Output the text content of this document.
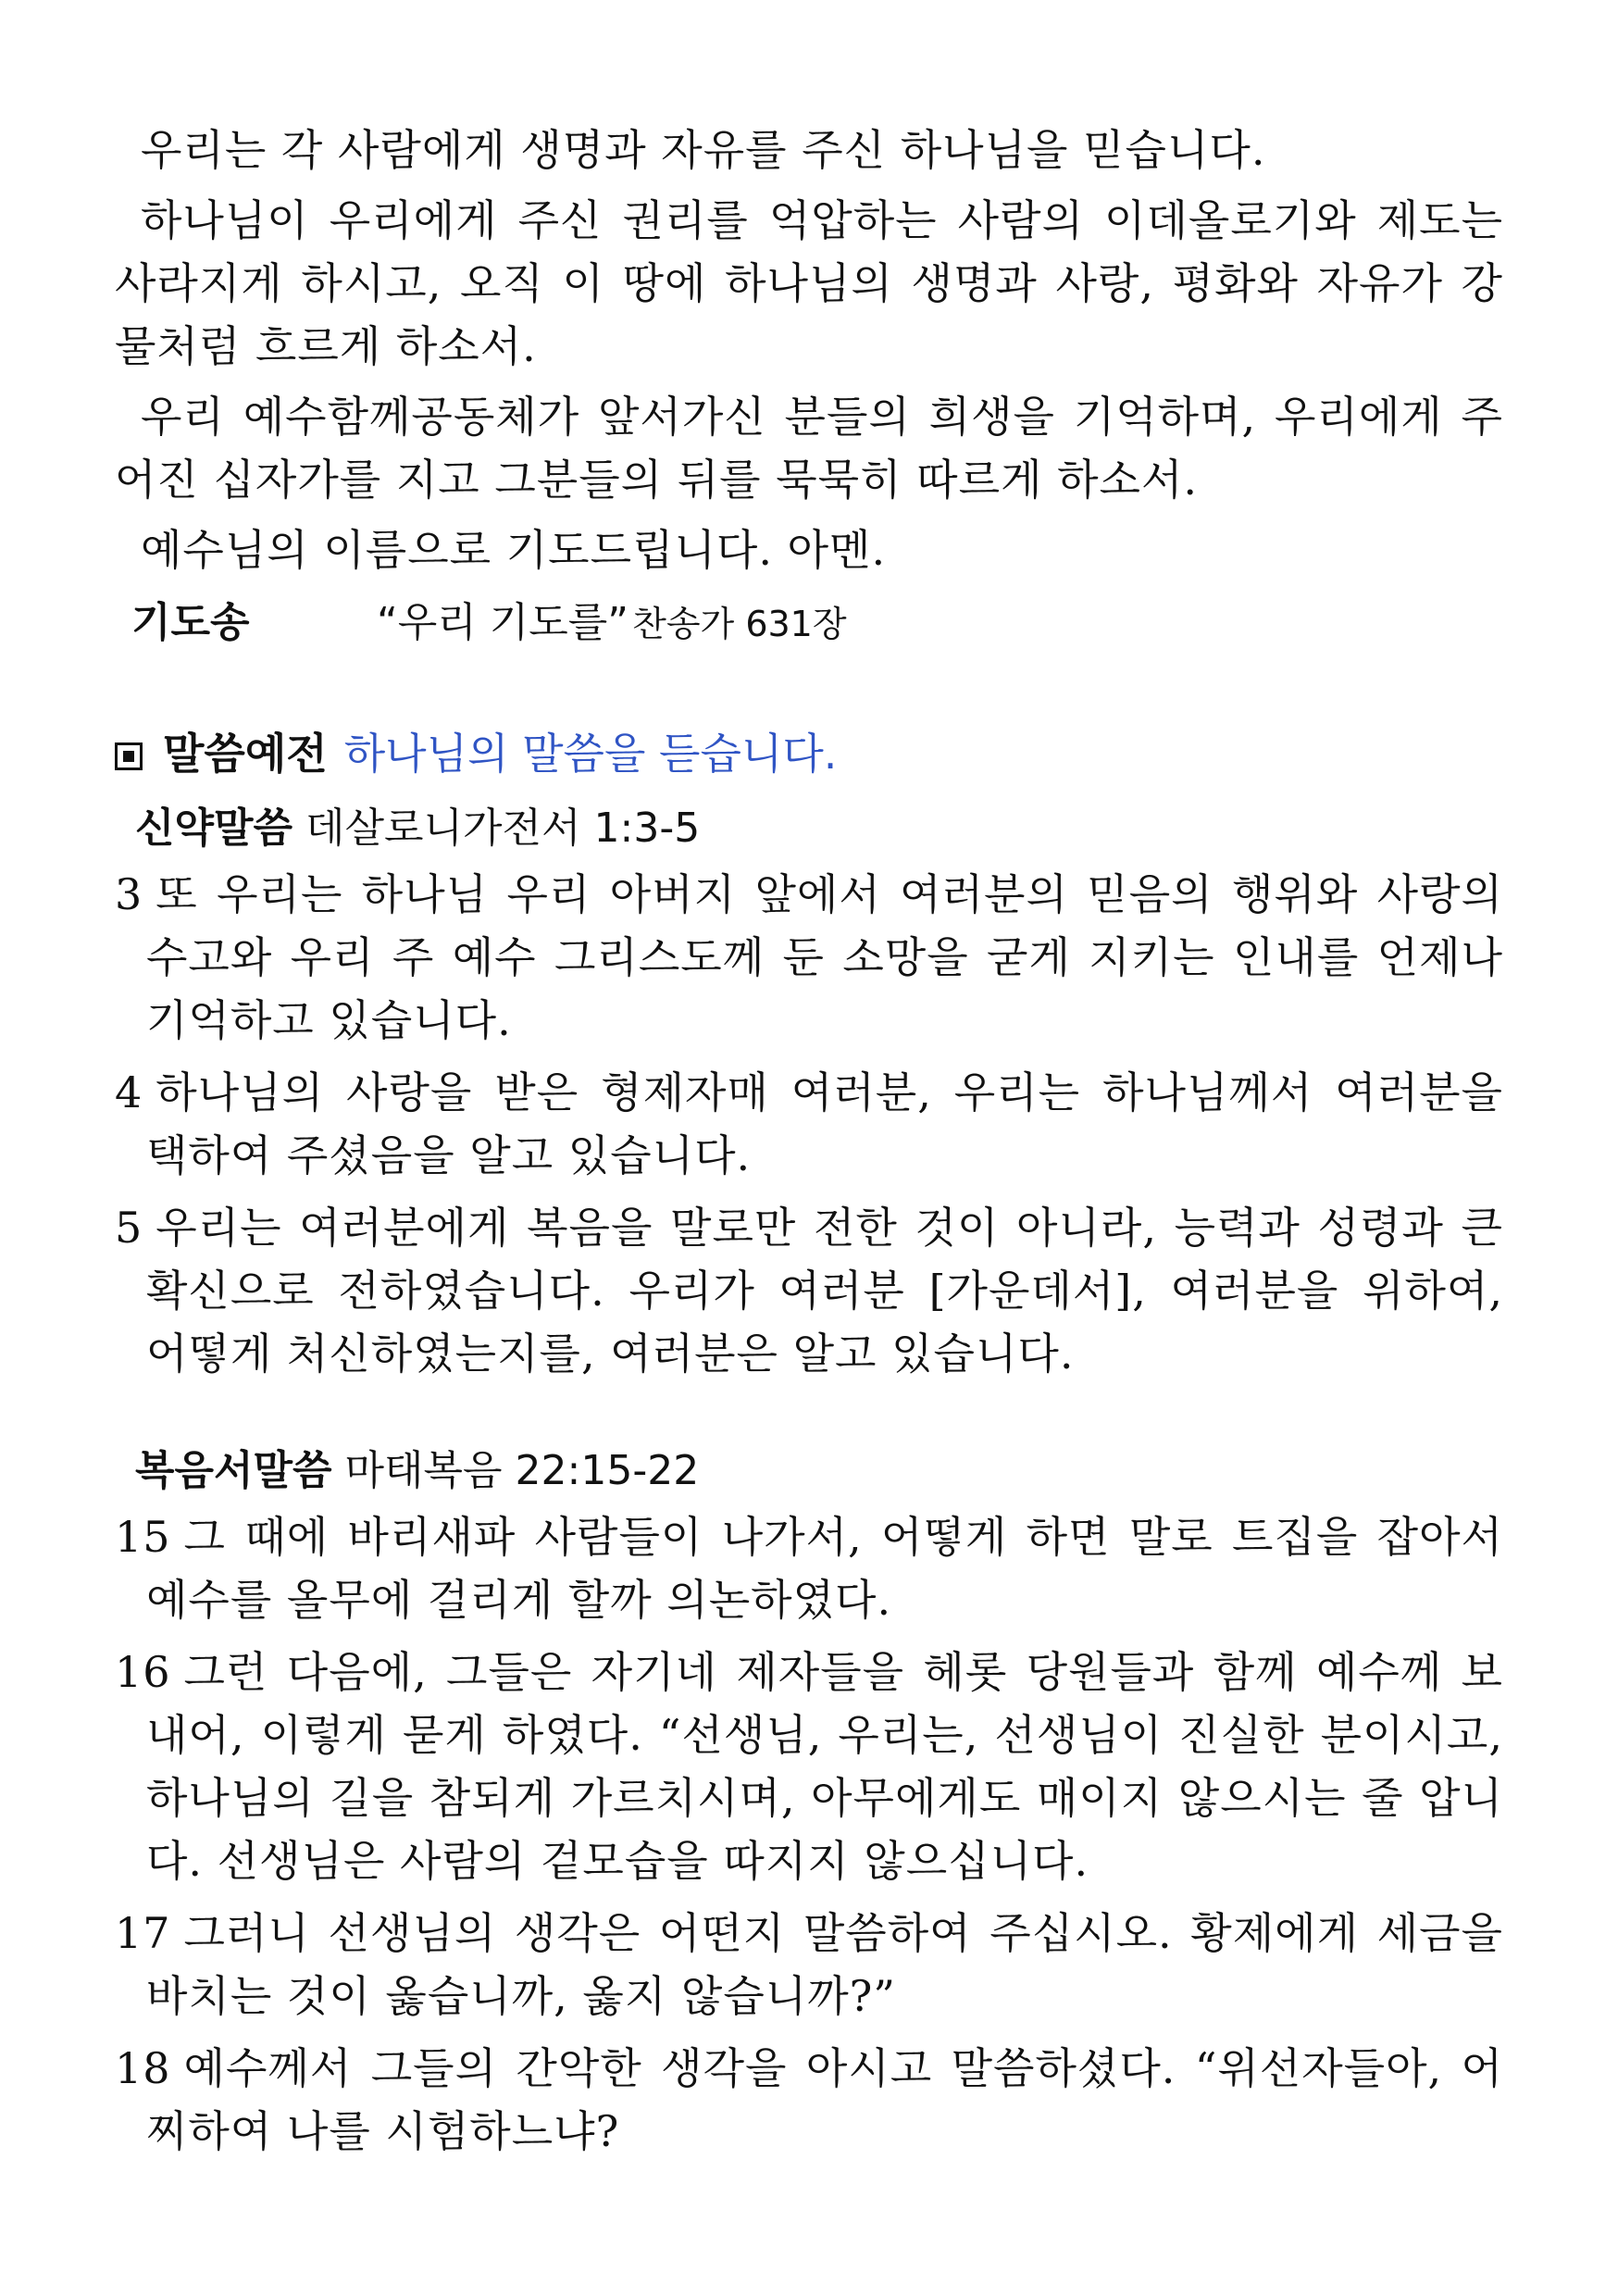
우리는 각 사람에게 생명과 자유를 주신 하나님을 믿습니다.

하나님이 우리에게 주신 권리를 억압하는 사람의 이데올로기와 제도는 사라지게 하시고, 오직 이 땅에 하나님의 생명과 사랑, 평화와 자유가 강물처럼 흐르게 하소서.

우리 예수함께공동체가 앞서가신 분들의 희생을 기억하며, 우리에게 주어진 십자가를 지고 그분들의 뒤를 묵묵히 따르게 하소서.

예수님의 이름으로 기도드립니다. 아멘.

기도송	“우리 기도를” 찬송가 631장
말씀예전 하나님의 말씀을 듣습니다.
신약말씀 데살로니가전서 1:3-5

3 또 우리는 하나님 우리 아버지 앞에서 여러분의 믿음의 행위와 사랑의 수고와 우리 주 예수 그리스도께 둔 소망을 굳게 지키는 인내를 언제나 기억하고 있습니다.

4 하나님의 사랑을 받은 형제자매 여러분, 우리는 하나님께서 여러분을 택하여 주셨음을 알고 있습니다.

5 우리는 여러분에게 복음을 말로만 전한 것이 아니라, 능력과 성령과 큰 확신으로 전하였습니다. 우리가 여러분 [가운데서], 여러분을 위하여, 어떻게 처신하였는지를, 여러분은 알고 있습니다.

복음서말씀 마태복음 22:15-22

15 그 때에 바리새파 사람들이 나가서, 어떻게 하면 말로 트집을 잡아서 예수를 올무에 걸리게 할까 의논하였다.

16 그런 다음에, 그들은 자기네 제자들을 헤롯 당원들과 함께 예수께 보내어, 이렇게 묻게 하였다. “선생님, 우리는, 선생님이 진실한 분이시고, 하나님의 길을 참되게 가르치시며, 아무에게도 매이지 않으시는 줄 압니다. 선생님은 사람의 겉모습을 따지지 않으십니다.

17 그러니 선생님의 생각은 어떤지 말씀하여 주십시오. 황제에게 세금을 바치는 것이 옳습니까, 옳지 않습니까?”

18 예수께서 그들의 간악한 생각을 아시고 말씀하셨다. “위선자들아, 어찌하여 나를 시험하느냐?
